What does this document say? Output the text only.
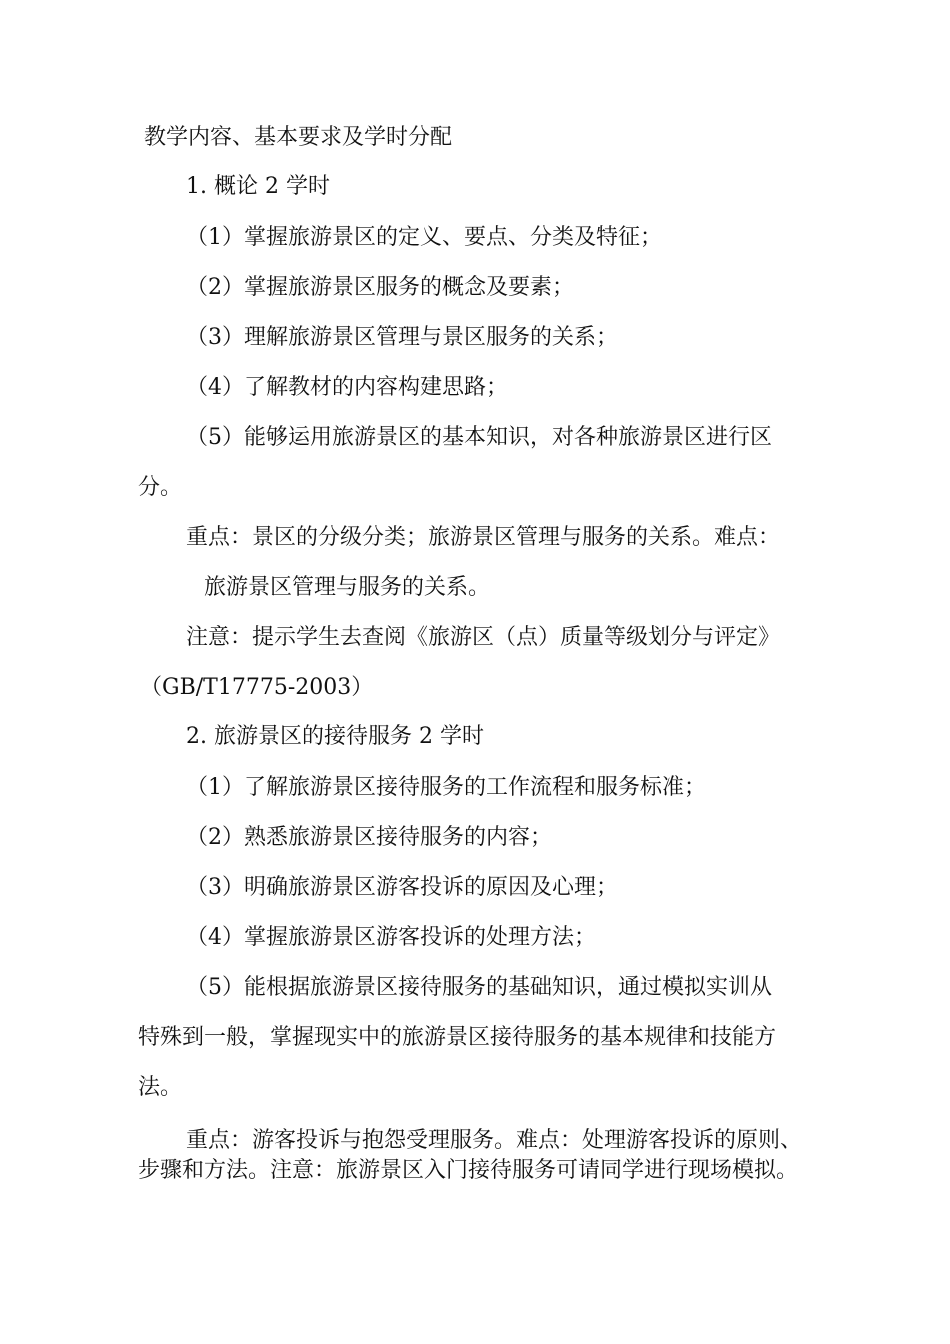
教学内容、基本要求及学时分配
1. 概论 2 学时
（1）掌握旅游景区的定义、要点、分类及特征；
（2）掌握旅游景区服务的概念及要素；
（3）理解旅游景区管理与景区服务的关系；
（4）了解教材的内容构建思路；
（5）能够运用旅游景区的基本知识，对各种旅游景区进行区
分。
重点：景区的分级分类；旅游景区管理与服务的关系。难点：
旅游景区管理与服务的关系。
注意：提示学生去查阅《旅游区（点）质量等级划分与评定》
（GB/T17775-2003）
2. 旅游景区的接待服务 2 学时
（1）了解旅游景区接待服务的工作流程和服务标准；
（2）熟悉旅游景区接待服务的内容；
（3）明确旅游景区游客投诉的原因及心理；
（4）掌握旅游景区游客投诉的处理方法；
（5）能根据旅游景区接待服务的基础知识，通过模拟实训从
特殊到一般，掌握现实中的旅游景区接待服务的基本规律和技能方
法。
重点：游客投诉与抱怨受理服务。难点：处理游客投诉的原则、
步骤和方法。注意：旅游景区入门接待服务可请同学进行现场模拟。
